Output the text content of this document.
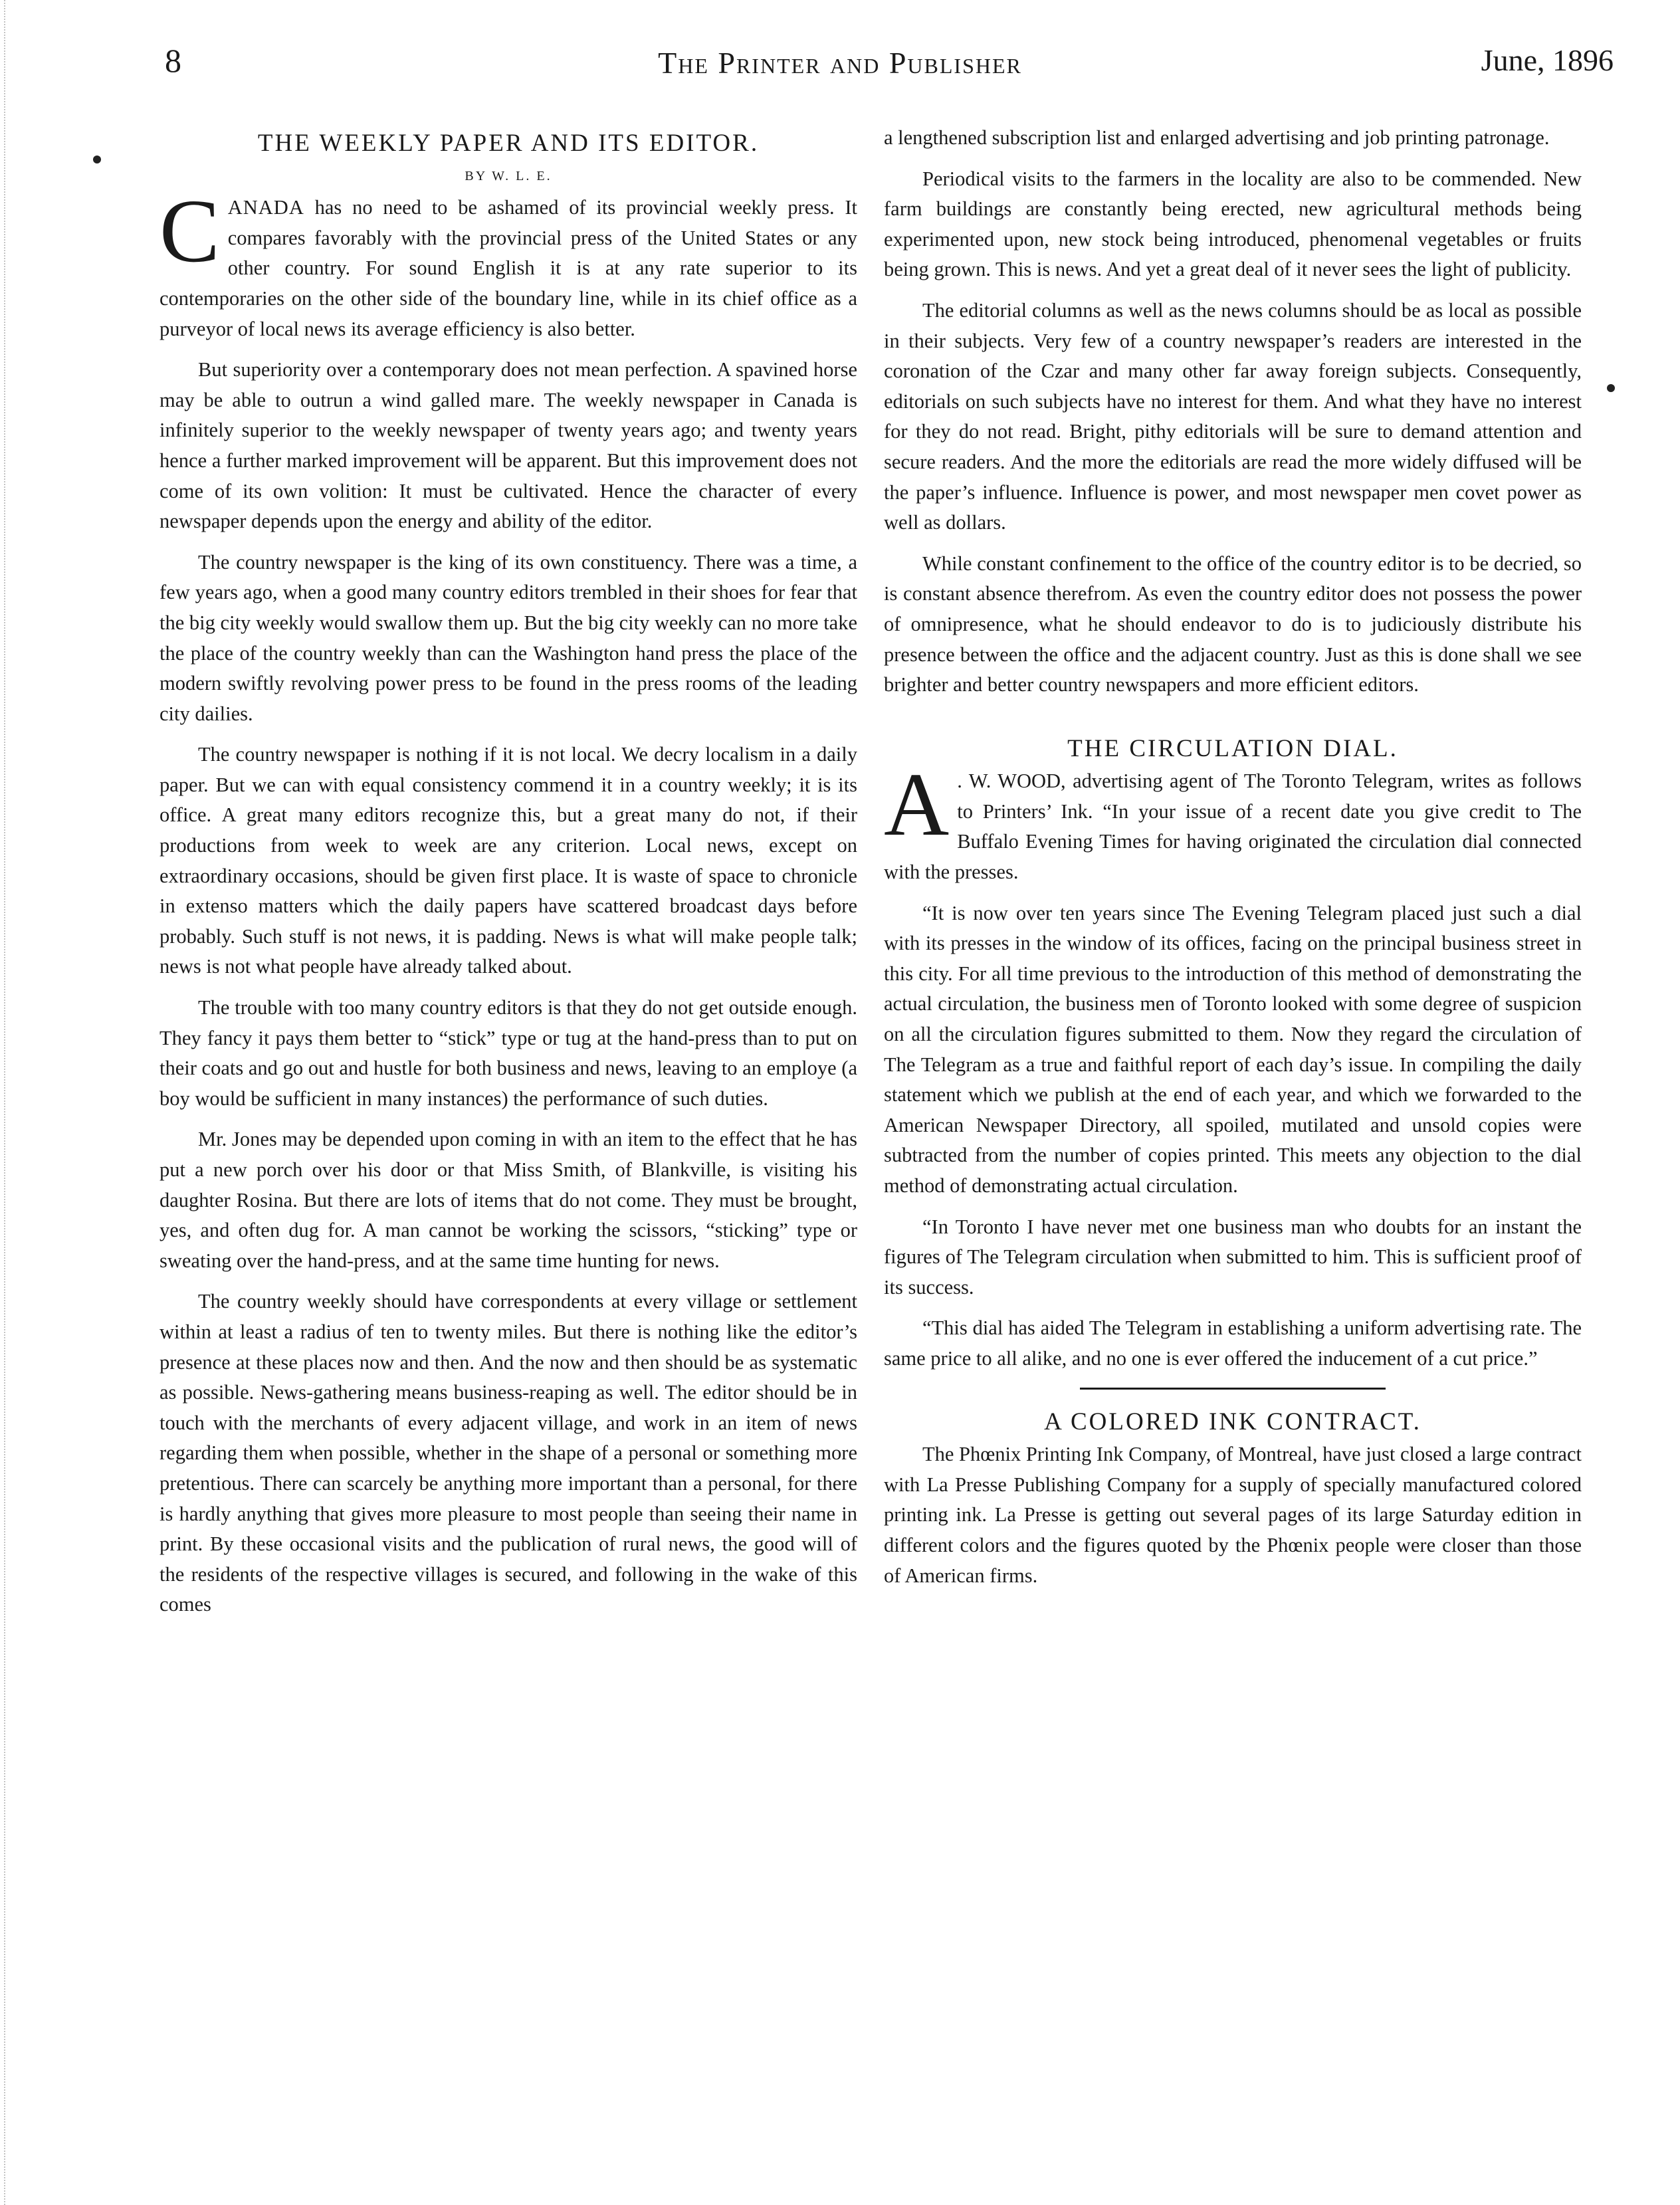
8	The Printer and Publisher	June, 1896
THE WEEKLY PAPER AND ITS EDITOR.
BY W. L. E.

CANADA has no need to be ashamed of its provincial weekly press. It compares favorably with the provincial press of the United States or any other country. For sound English it is at any rate superior to its contemporaries on the other side of the boundary line, while in its chief office as a purveyor of local news its average efficiency is also better.

But superiority over a contemporary does not mean perfection. A spavined horse may be able to outrun a wind galled mare. The weekly newspaper in Canada is infinitely superior to the weekly newspaper of twenty years ago; and twenty years hence a further marked improvement will be apparent. But this improvement does not come of its own volition: It must be cultivated. Hence the character of every newspaper depends upon the energy and ability of the editor.

The country newspaper is the king of its own constituency. There was a time, a few years ago, when a good many country editors trembled in their shoes for fear that the big city weekly would swallow them up. But the big city weekly can no more take the place of the country weekly than can the Washington hand press the place of the modern swiftly revolving power press to be found in the press rooms of the leading city dailies.

The country newspaper is nothing if it is not local. We decry localism in a daily paper. But we can with equal consistency commend it in a country weekly; it is its office. A great many editors recognize this, but a great many do not, if their productions from week to week are any criterion. Local news, except on extraordinary occasions, should be given first place. It is waste of space to chronicle in extenso matters which the daily papers have scattered broadcast days before probably. Such stuff is not news, it is padding. News is what will make people talk; news is not what people have already talked about.

The trouble with too many country editors is that they do not get outside enough. They fancy it pays them better to “stick” type or tug at the hand-press than to put on their coats and go out and hustle for both business and news, leaving to an employe (a boy would be sufficient in many instances) the performance of such duties.

Mr. Jones may be depended upon coming in with an item to the effect that he has put a new porch over his door or that Miss Smith, of Blankville, is visiting his daughter Rosina. But there are lots of items that do not come. They must be brought, yes, and often dug for. A man cannot be working the scissors, “sticking” type or sweating over the hand-press, and at the same time hunting for news.

The country weekly should have correspondents at every village or settlement within at least a radius of ten to twenty miles. But there is nothing like the editor’s presence at these places now and then. And the now and then should be as systematic as possible. News-gathering means business-reaping as well. The editor should be in touch with the merchants of every adjacent village, and work in an item of news regarding them when possible, whether in the shape of a personal or something more pretentious. There can scarcely be anything more important than a personal, for there is hardly anything that gives more pleasure to most people than seeing their name in print. By these occasional visits and the publication of rural news, the good will of the residents of the respective villages is secured, and following in the wake of this comes

a lengthened subscription list and enlarged advertising and job printing patronage.

Periodical visits to the farmers in the locality are also to be commended. New farm buildings are constantly being erected, new agricultural methods being experimented upon, new stock being introduced, phenomenal vegetables or fruits being grown. This is news. And yet a great deal of it never sees the light of publicity.

The editorial columns as well as the news columns should be as local as possible in their subjects. Very few of a country newspaper’s readers are interested in the coronation of the Czar and many other far away foreign subjects. Consequently, editorials on such subjects have no interest for them. And what they have no interest for they do not read. Bright, pithy editorials will be sure to demand attention and secure readers. And the more the editorials are read the more widely diffused will be the paper’s influence. Influence is power, and most newspaper men covet power as well as dollars.

While constant confinement to the office of the country editor is to be decried, so is constant absence therefrom. As even the country editor does not possess the power of omnipresence, what he should endeavor to do is to judiciously distribute his presence between the office and the adjacent country. Just as this is done shall we see brighter and better country newspapers and more efficient editors.

THE CIRCULATION DIAL.

A . W. WOOD, advertising agent of The Toronto Telegram, writes as follows to Printers’ Ink. “In your issue of a recent date you give credit to The Buffalo Evening Times for having originated the circulation dial connected with the presses.

“It is now over ten years since The Evening Telegram placed just such a dial with its presses in the window of its offices, facing on the principal business street in this city. For all time previous to the introduction of this method of demonstrating the actual circulation, the business men of Toronto looked with some degree of suspicion on all the circulation figures submitted to them. Now they regard the circulation of The Telegram as a true and faithful report of each day’s issue. In compiling the daily statement which we publish at the end of each year, and which we forwarded to the American Newspaper Directory, all spoiled, mutilated and unsold copies were subtracted from the number of copies printed. This meets any objection to the dial method of demonstrating actual circulation.

“In Toronto I have never met one business man who doubts for an instant the figures of The Telegram circulation when submitted to him. This is sufficient proof of its success.

“This dial has aided The Telegram in establishing a uniform advertising rate. The same price to all alike, and no one is ever offered the inducement of a cut price.”

A COLORED INK CONTRACT.

The Phœnix Printing Ink Company, of Montreal, have just closed a large contract with La Presse Publishing Company for a supply of specially manufactured colored printing ink. La Presse is getting out several pages of its large Saturday edition in different colors and the figures quoted by the Phœnix people were closer than those of American firms.
